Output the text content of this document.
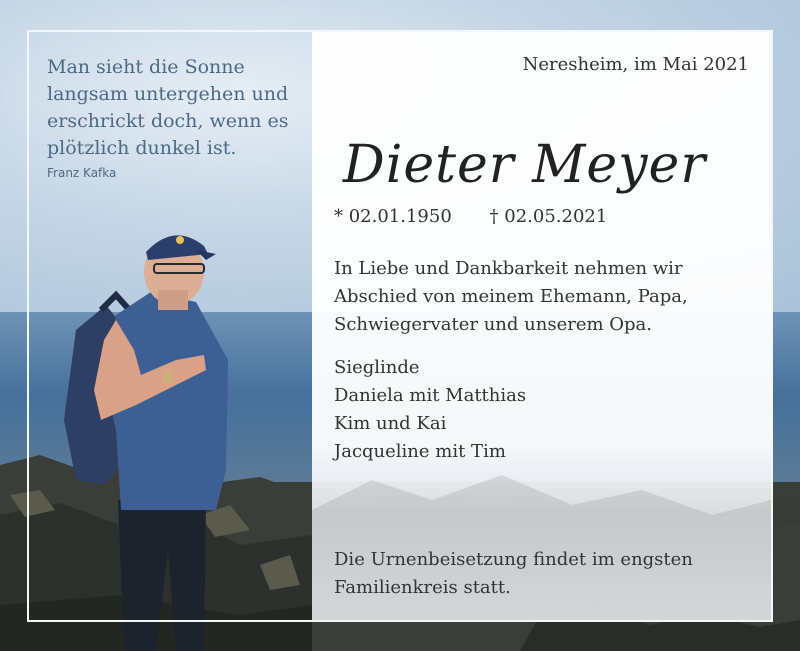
Man sieht die Sonne
langsam untergehen und
erschrickt doch, wenn es
plötzlich dunkel ist.

Franz Kafka
Neresheim, im Mai 2021
Dieter Meyer
* 02.01.1950 † 02.05.2021

In Liebe und Dankbarkeit nehmen wir
Abschied von meinem Ehemann, Papa,
Schwiegervater und unserem Opa.

Sieglinde
Daniela mit Matthias
Kim und Kai
Jacqueline mit Tim

Die Urnenbeisetzung findet im engsten
Familienkreis statt.
